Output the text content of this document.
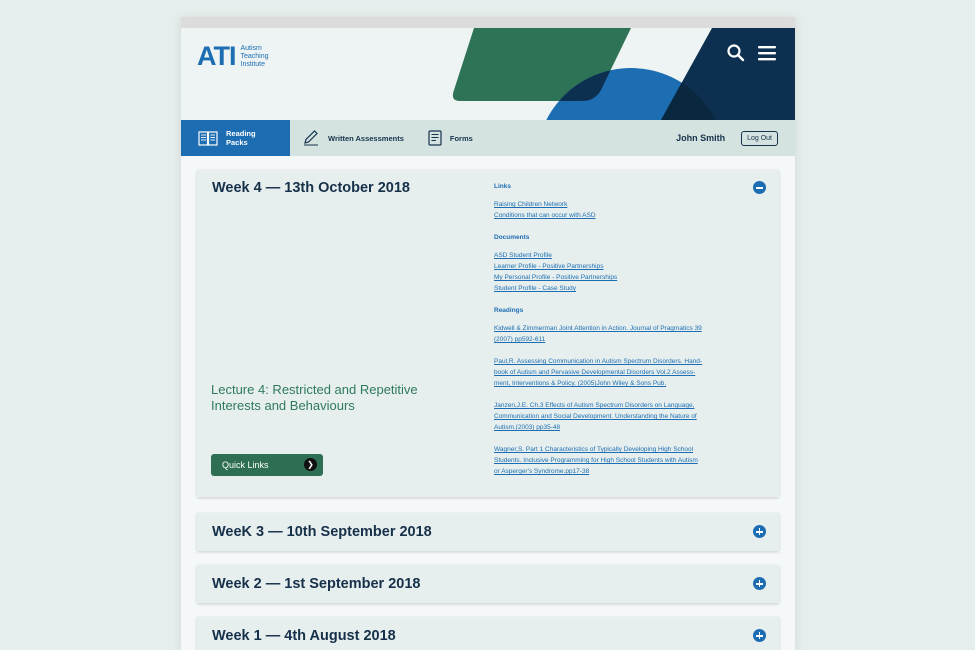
ATI Autism
Teaching
Institute
Reading Packs	Written Assessments	Forms	John Smith	Log Out
Week 4 — 13th October 2018
Lecture 4: Restricted and Repetitive Interests and Behaviours
Quick Links	❯
Links
Raising Children Network
Conditions that can occur with ASD
Documents
ASD Student Profile
Learner Profile - Positive Partnerships
My Personal Profile - Positive Partnerships
Student Profile - Case Study
Readings
Kidwell & Zimmerman Joint Attention in Action. Journal of Pragmatics 39
(2007) pp592-611
Paul,R. Assessing Communication in Autism Spectrum Disorders. Hand-
book of Autism and Pervasive Developmental Disorders Vol.2 Assess-
ment, Interventions & Policy. (2005)John Wiley & Sons Pub.
Janzen,J.E. Ch.3 Effects of Autism Spectrum Disorders on Language,
Communication and Social Development. Understanding the Nature of
Autism.(2003) pp35-48
Wagner,S. Part 1 Characteristics of Typically Developing High School
Students. Inclusive Programming for High School Students with Autism
or Asperger's Syndrome.pp17-38
WeeK 3 — 10th September 2018
Week 2 — 1st September 2018
Week 1 — 4th August 2018
